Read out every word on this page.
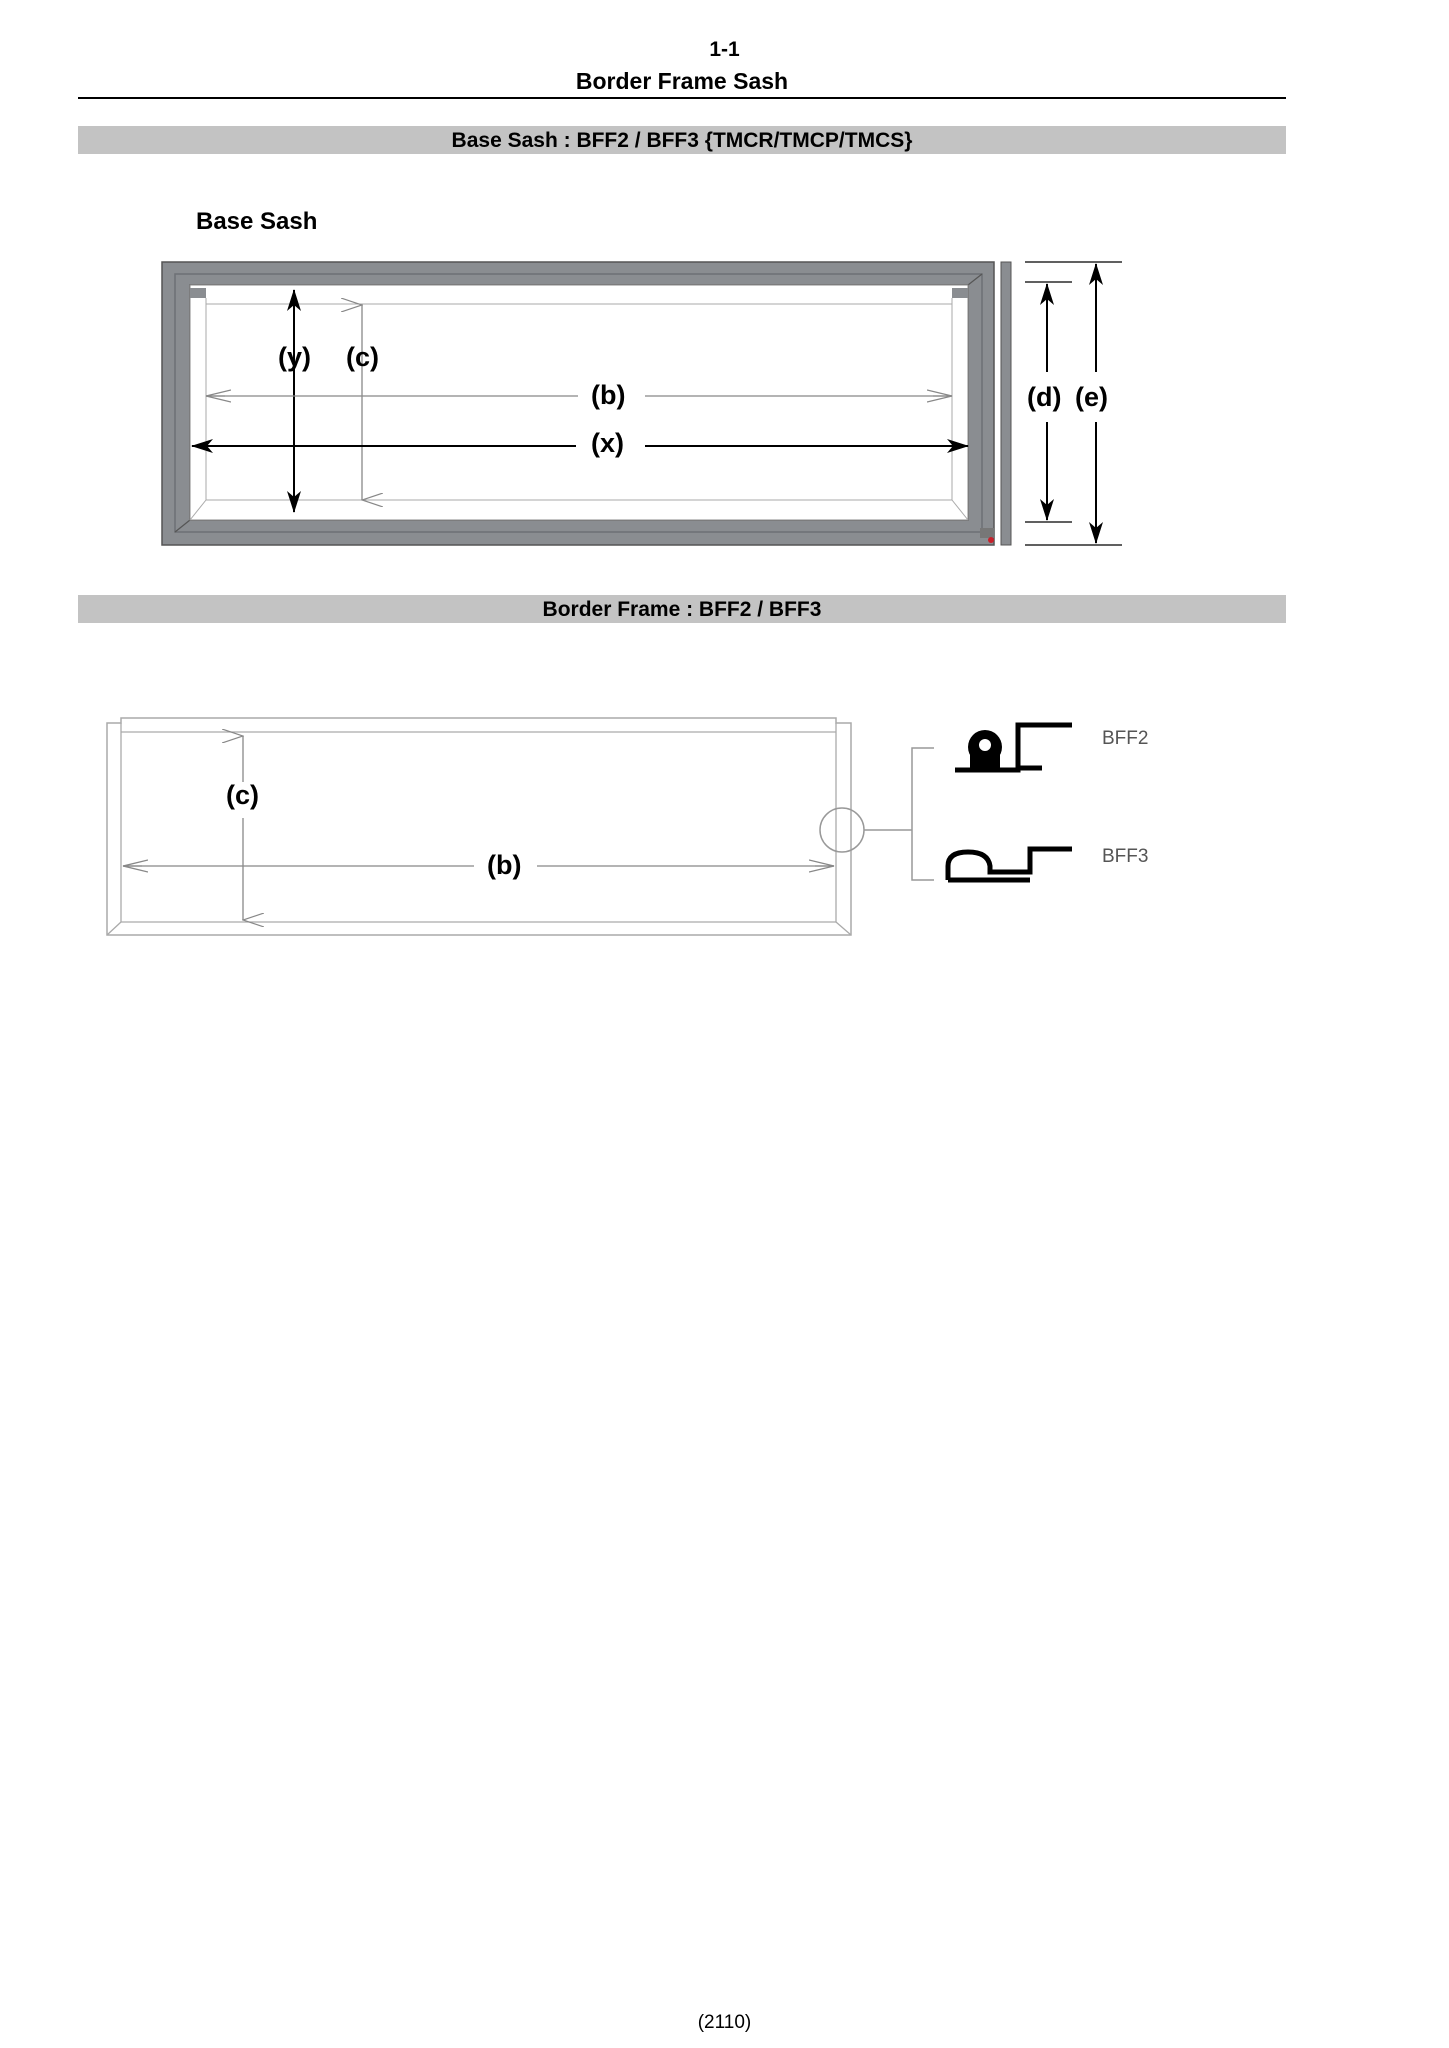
1-1
Border Frame Sash
Base Sash : BFF2 / BFF3 {TMCR/TMCP/TMCS}
Base Sash
(y) (c)
(b)
(x)
(d) (e)
(c)
(b)
BFF2
BFF3
Border Frame : BFF2 / BFF3
(2110)
